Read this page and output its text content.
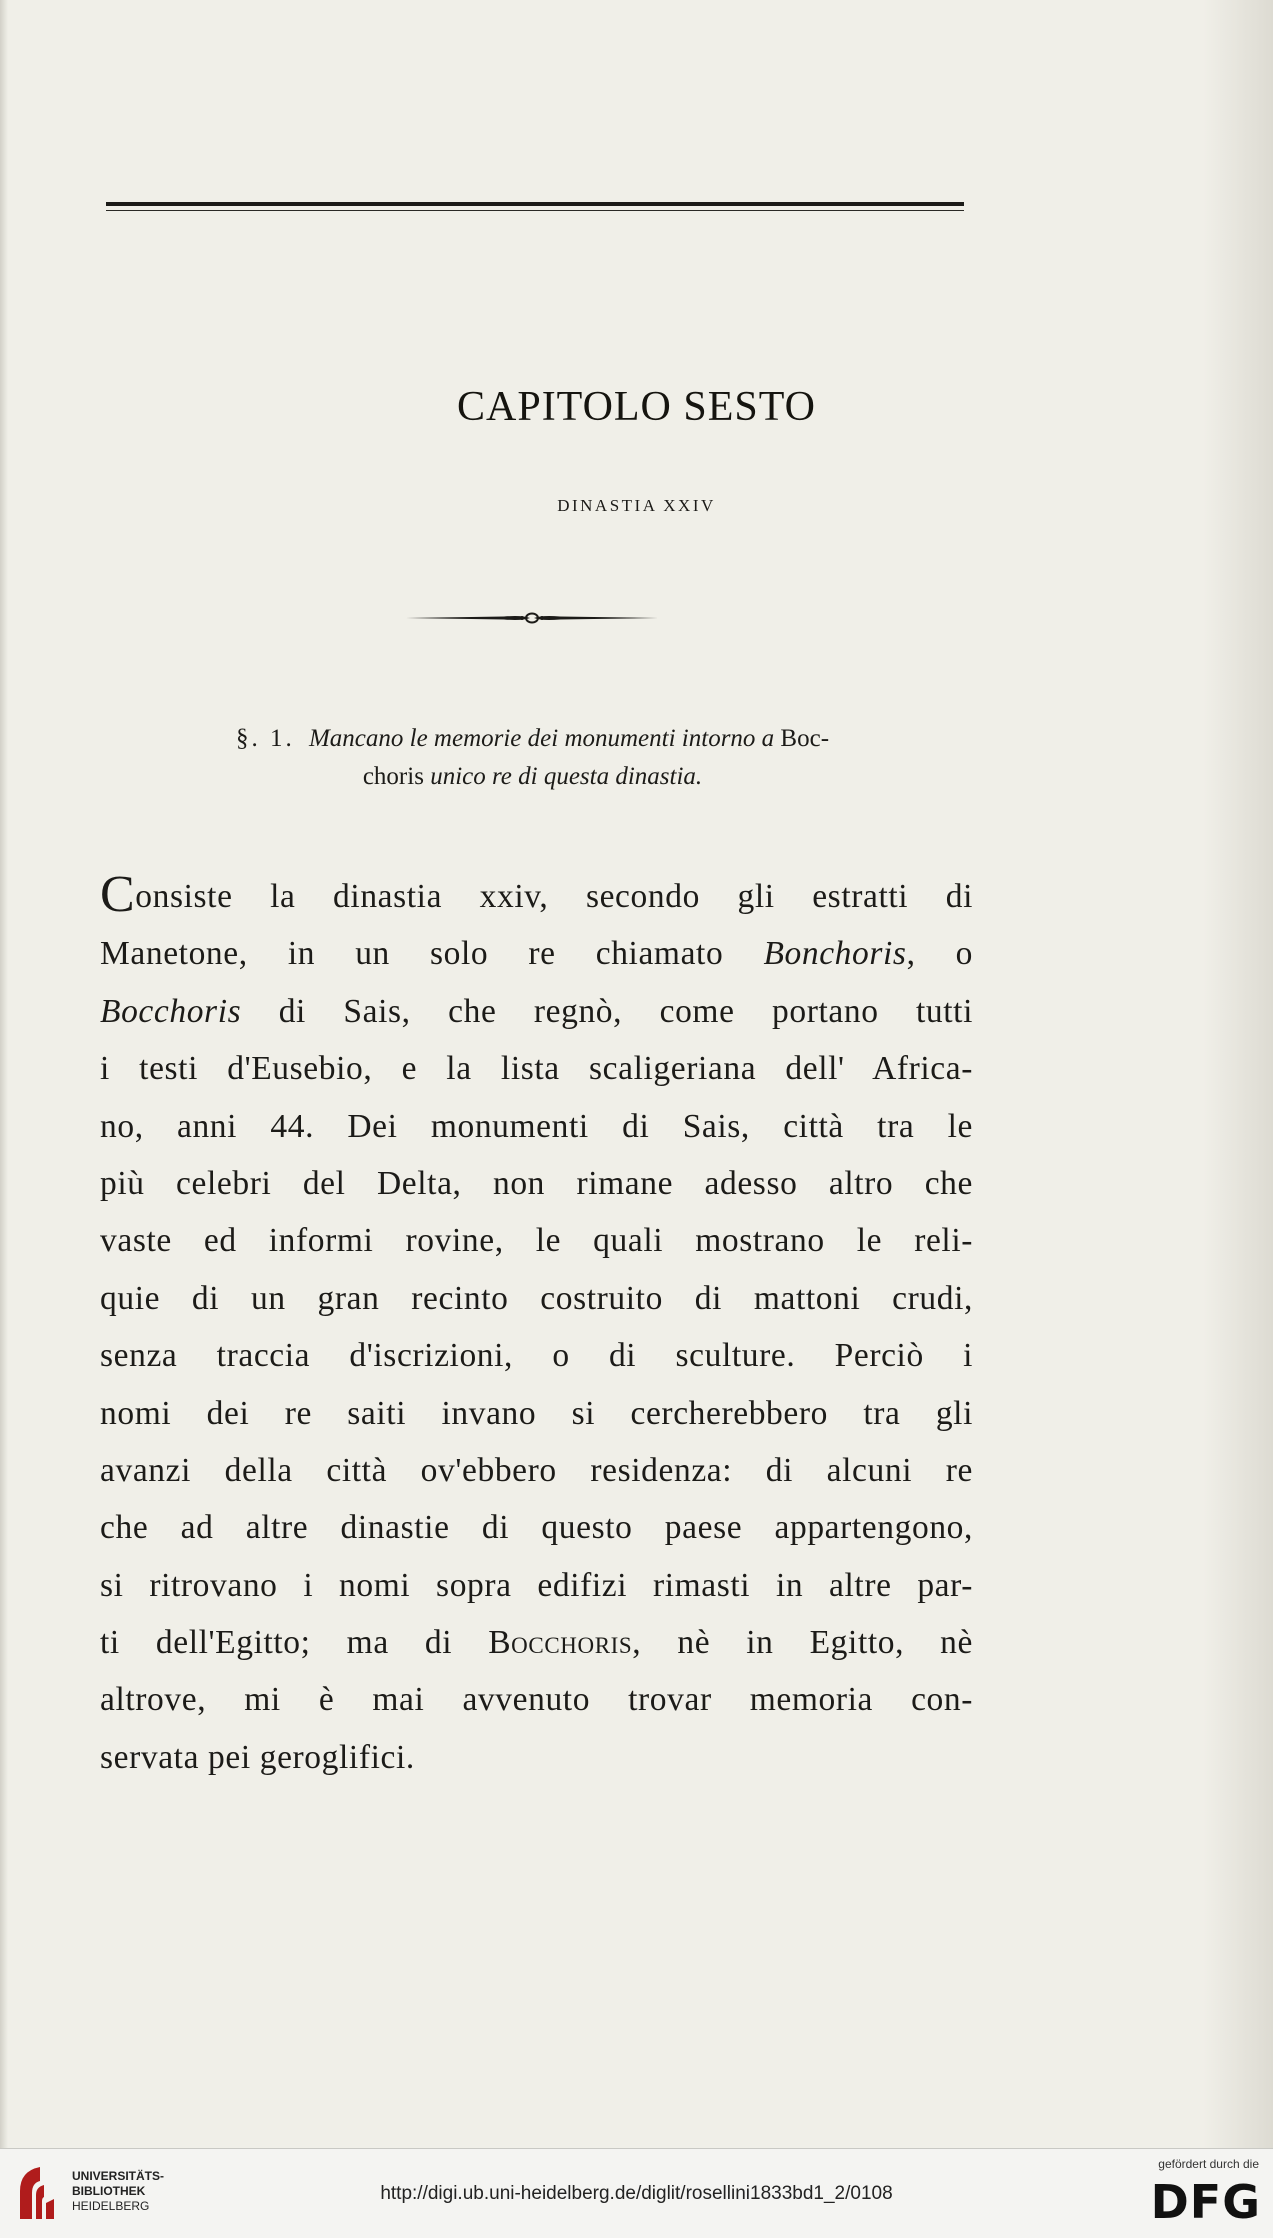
CAPITOLO SESTO
DINASTIA XXIV
§. 1. Mancano le memorie dei monumenti intorno a Boc-
choris unico re di questa dinastia.
Consiste la dinastia xxiv, secondo gli estratti di
Manetone, in un solo re chiamato Bonchoris, o
Bocchoris di Sais, che regnò, come portano tutti
i testi d'Eusebio, e la lista scaligeriana dell' Africa-
no, anni 44. Dei monumenti di Sais, città tra le
più celebri del Delta, non rimane adesso altro che
vaste ed informi rovine, le quali mostrano le reli-
quie di un gran recinto costruito di mattoni crudi,
senza traccia d'iscrizioni, o di sculture. Perciò i
nomi dei re saiti invano si cercherebbero tra gli
avanzi della città ov'ebbero residenza: di alcuni re
che ad altre dinastie di questo paese appartengono,
si ritrovano i nomi sopra edifizi rimasti in altre par-
ti dell'Egitto; ma di Bocchoris, nè in Egitto, nè
altrove, mi è mai avvenuto trovar memoria con-
servata pei geroglifici.
UNIVERSITÄTS-
BIBLIOTHEK
HEIDELBERG
http://digi.ub.uni-heidelberg.de/diglit/rosellini1833bd1_2/0108
gefördert durch die
DFG
